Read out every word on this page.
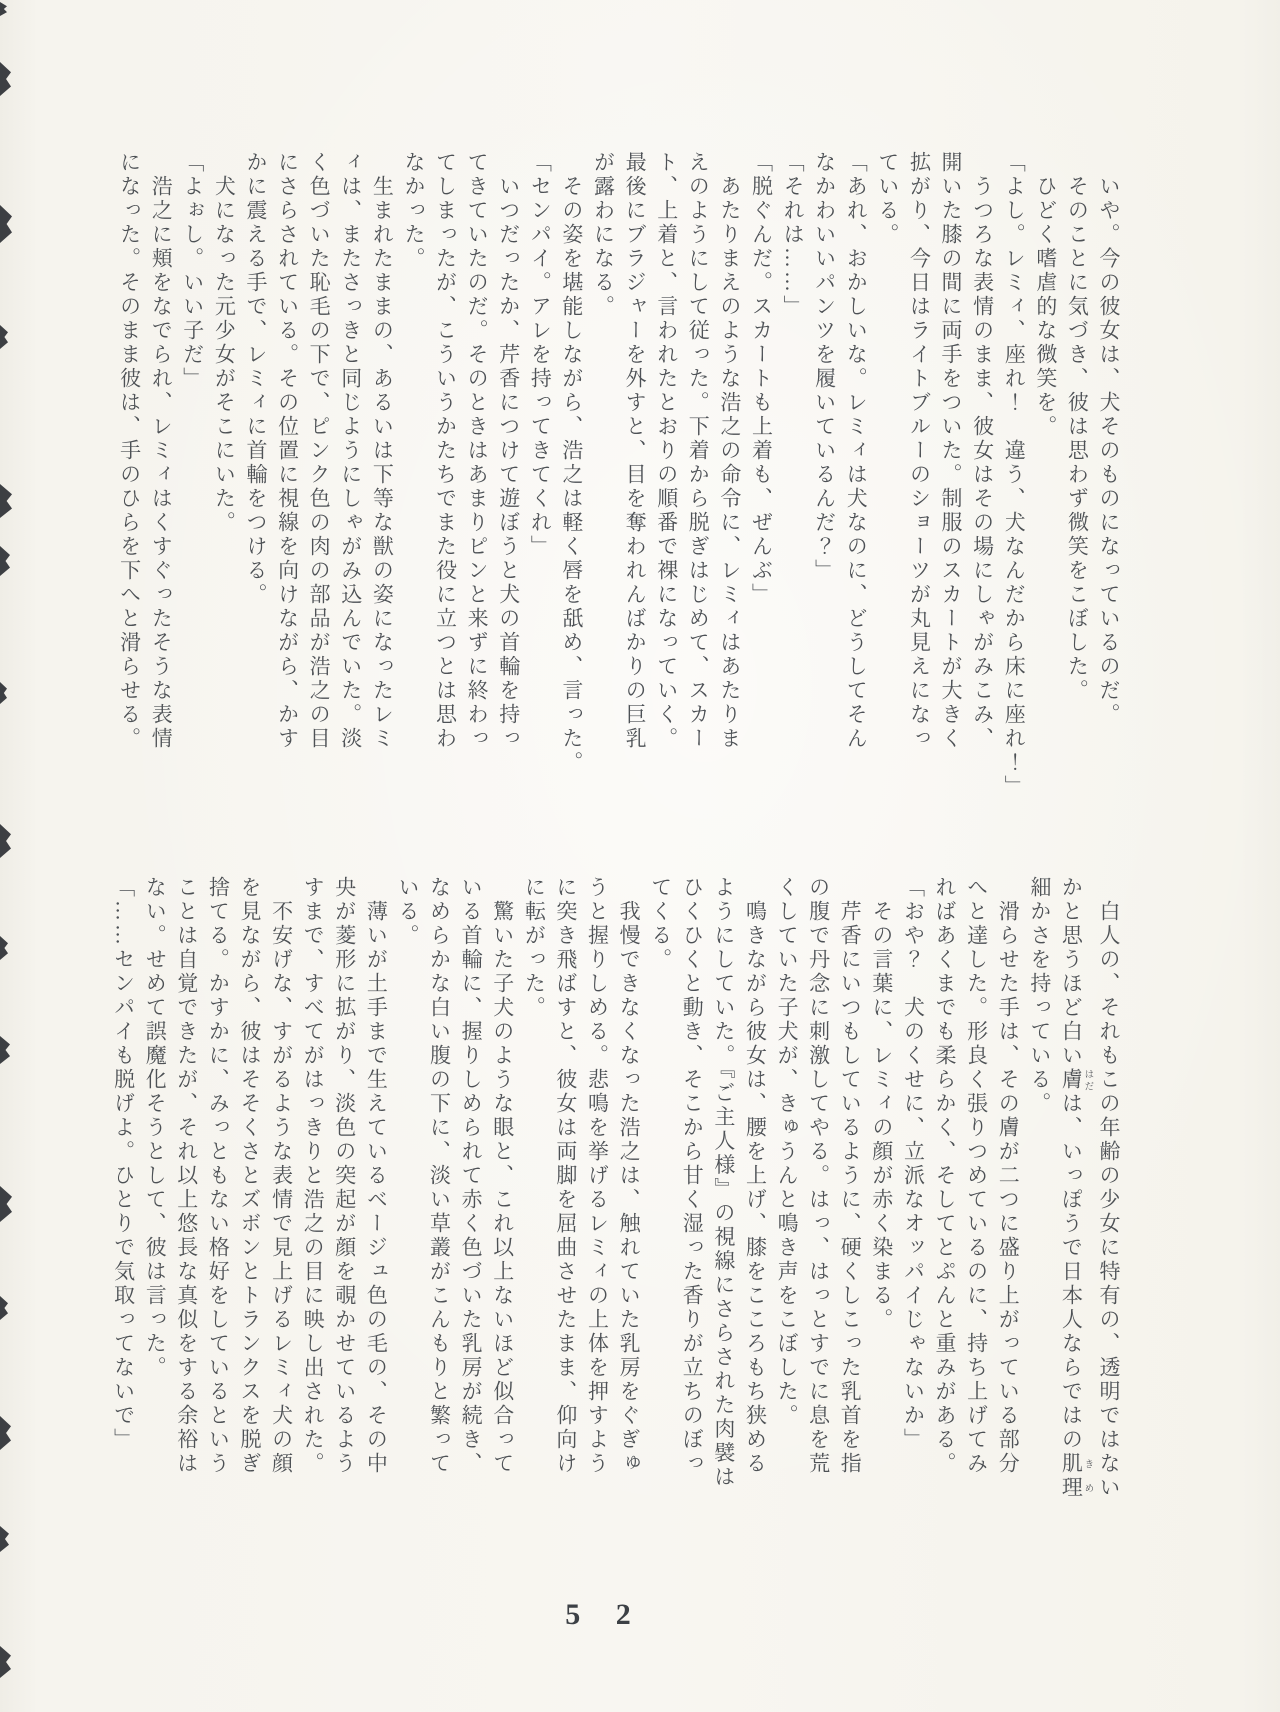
　いや。今の彼女は、犬そのものになっているのだ。
　そのことに気づき、彼は思わず微笑をこぼした。
　ひどく嗜虐的な微笑を。
「よし。レミィ、座れ！　違う、犬なんだから床に座れ！」
　うつろな表情のまま、彼女はその場にしゃがみこみ、
開いた膝の間に両手をついた。制服のスカートが大きく
拡がり、今日はライトブルーのショーツが丸見えになっ
ている。
「あれ、おかしいな。レミィは犬なのに、どうしてそん
なかわいいパンツを履いているんだ？」
「それは……」
「脱ぐんだ。スカートも上着も、ぜんぶ」
　あたりまえのような浩之の命令に、レミィはあたりま
えのようにして従った。下着から脱ぎはじめて、スカー
ト、上着と、言われたとおりの順番で裸になっていく。
最後にブラジャーを外すと、目を奪われんばかりの巨乳
が露わになる。
　その姿を堪能しながら、浩之は軽く唇を舐め、言った。
「センパイ。アレを持ってきてくれ」
　いつだったか、芹香につけて遊ぼうと犬の首輪を持っ
てきていたのだ。そのときはあまりピンと来ずに終わっ
てしまったが、こういうかたちでまた役に立つとは思わ
なかった。
　生まれたままの、あるいは下等な獣の姿になったレミ
ィは、またさっきと同じようにしゃがみ込んでいた。淡
く色づいた恥毛の下で、ピンク色の肉の部品が浩之の目
にさらされている。その位置に視線を向けながら、かす
かに震える手で、レミィに首輪をつける。
　犬になった元少女がそこにいた。
「よぉし。いい子だ」
　浩之に頬をなでられ、レミィはくすぐったそうな表情
になった。そのまま彼は、手のひらを下へと滑らせる。
　白人の、それもこの年齢の少女に特有の、透明ではない
かと思うほど白い膚 はだは、いっぽうで日本人ならではの肌理 きめ
細かさを持っている。
　滑らせた手は、その膚が二つに盛り上がっている部分
へと達した。形良く張りつめているのに、持ち上げてみ
ればあくまでも柔らかく、そしてとぷんと重みがある。
「おや？　犬のくせに、立派なオッパイじゃないか」
　その言葉に、レミィの顔が赤く染まる。
　芹香にいつもしているように、硬くしこった乳首を指
の腹で丹念に刺激してやる。はっ、はっとすでに息を荒
くしていた子犬が、きゅうんと鳴き声をこぼした。
　鳴きながら彼女は、腰を上げ、膝をこころもち狭める
ようにしていた。『ご主人様』の視線にさらされた肉襞は
ひくひくと動き、そこから甘く湿った香りが立ちのぼっ
てくる。
　我慢できなくなった浩之は、触れていた乳房をぐぎゅ
うと握りしめる。悲鳴を挙げるレミィの上体を押すよう
に突き飛ばすと、彼女は両脚を屈曲させたまま、仰向け
に転がった。
　驚いた子犬のような眼と、これ以上ないほど似合って
いる首輪に、握りしめられて赤く色づいた乳房が続き、
なめらかな白い腹の下に、淡い草叢がこんもりと繁って
いる。
　薄いが土手まで生えているベージュ色の毛の、その中
央が菱形に拡がり、淡色の突起が顔を覗かせているよう
すまで、すべてがはっきりと浩之の目に映し出された。
　不安げな、すがるような表情で見上げるレミィ犬の顔
を見ながら、彼はそそくさとズボンとトランクスを脱ぎ
捨てる。かすかに、みっともない格好をしているという
ことは自覚できたが、それ以上悠長な真似をする余裕は
ない。せめて誤魔化そうとして、彼は言った。
「……センパイも脱げよ。ひとりで気取ってないで」
5 2
